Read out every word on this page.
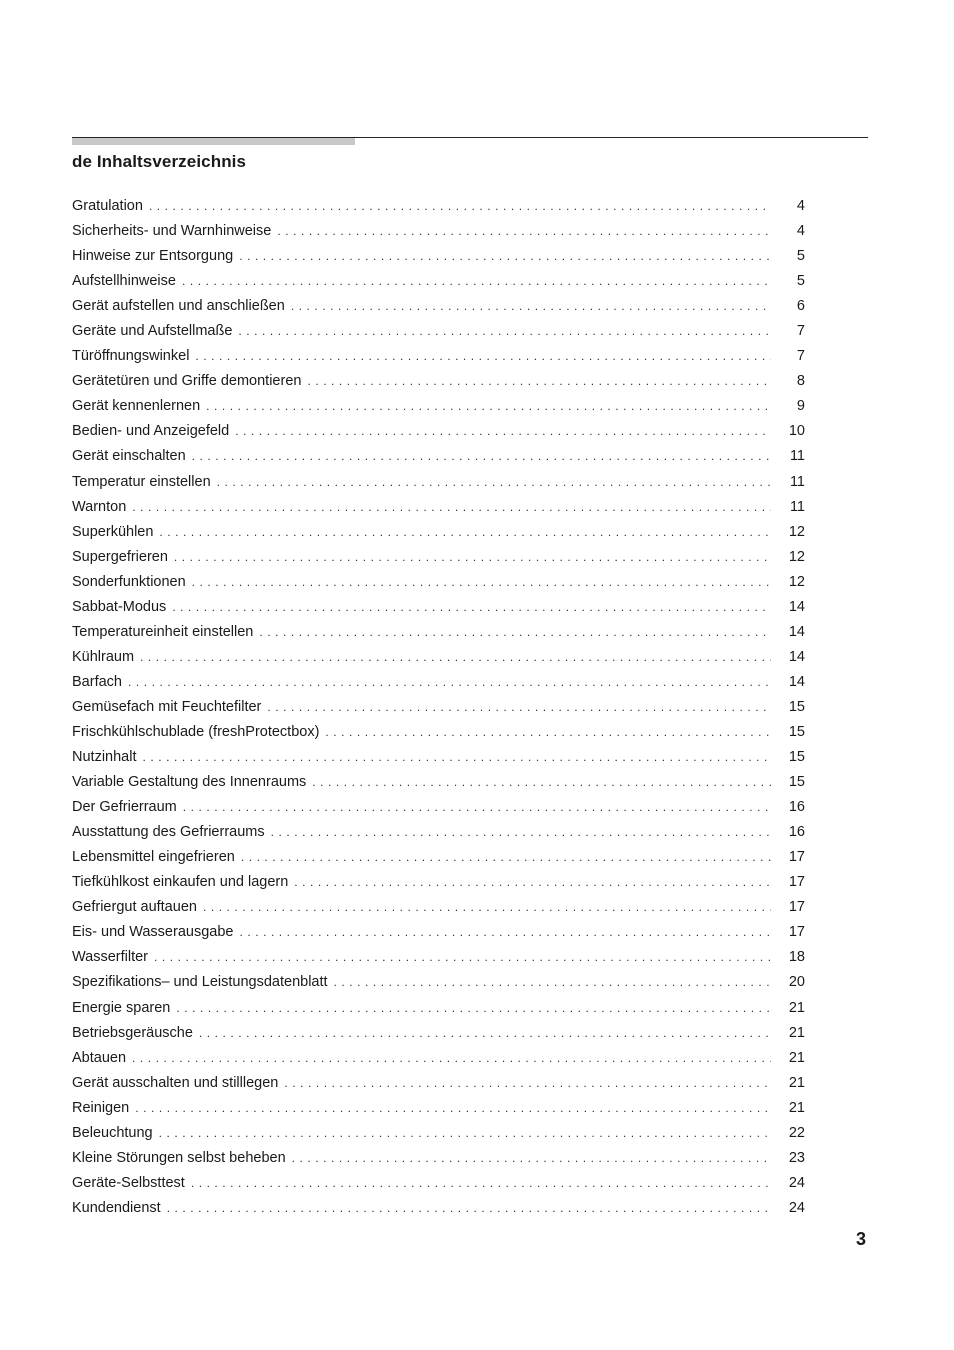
de Inhaltsverzeichnis
Gratulation . . .	4
Sicherheits- und Warnhinweise . . .	4
Hinweise zur Entsorgung . . .	5
Aufstellhinweise . . .	5
Gerät aufstellen und anschließen . . .	6
Geräte und Aufstellmaße . . .	7
Türöffnungswinkel . . .	7
Gerätetüren und Griffe demontieren . . .	8
Gerät kennenlernen . . .	9
Bedien- und Anzeigefeld . . .	10
Gerät einschalten . . .	11
Temperatur einstellen . . .	11
Warnton . . .	11
Superkühlen . . .	12
Supergefrieren . . .	12
Sonderfunktionen . . .	12
Sabbat-Modus . . .	14
Temperatureinheit einstellen . . .	14
Kühlraum . . .	14
Barfach . . .	14
Gemüsefach mit Feuchtefilter . . .	15
Frischkühlschublade (freshProtectbox) . . .	15
Nutzinhalt . . .	15
Variable Gestaltung des Innenraums . . .	15
Der Gefrierraum . . .	16
Ausstattung des Gefrierraums . . .	16
Lebensmittel eingefrieren . . .	17
Tiefkühlkost einkaufen und lagern . . .	17
Gefriergut auftauen . . .	17
Eis- und Wasserausgabe . . .	17
Wasserfilter . . .	18
Spezifikations– und Leistungsdatenblatt . . .	20
Energie sparen . . .	21
Betriebsgeräusche . . .	21
Abtauen . . .	21
Gerät ausschalten und stilllegen . . .	21
Reinigen . . .	21
Beleuchtung . . .	22
Kleine Störungen selbst beheben . . .	23
Geräte-Selbsttest . . .	24
Kundendienst . . .	24
3
